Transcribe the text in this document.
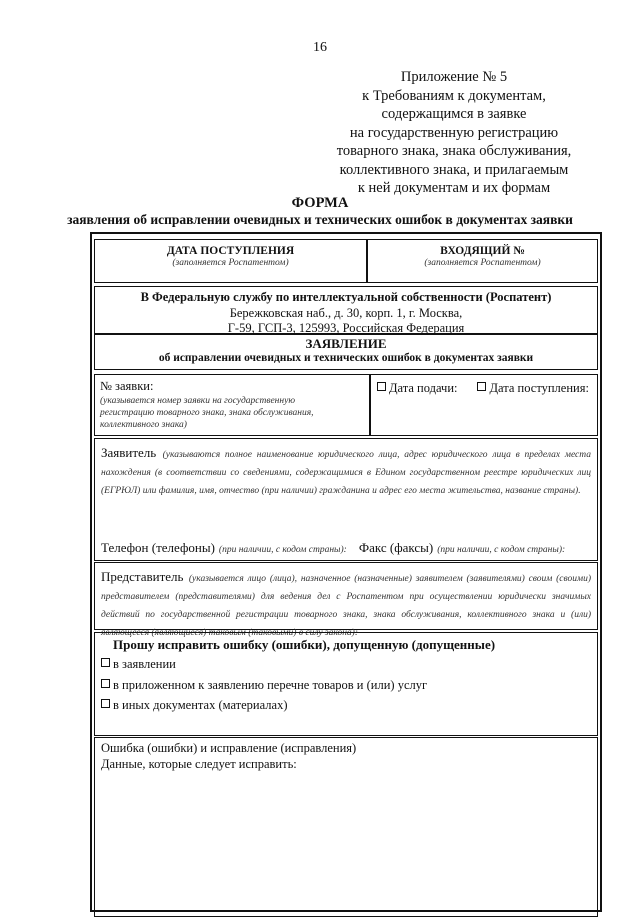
16
Приложение № 5
к Требованиям к документам,
содержащимся в заявке
на государственную регистрацию
товарного знака, знака обслуживания,
коллективного знака, и прилагаемым
к ней документам и их формам
ФОРМА
заявления об исправлении очевидных и технических ошибок в документах заявки
ДАТА ПОСТУПЛЕНИЯ
(заполняется Роспатентом)
ВХОДЯЩИЙ №
(заполняется Роспатентом)
В Федеральную службу по интеллектуальной собственности (Роспатент)
Бережковская наб., д. 30, корп. 1, г. Москва,
Г-59, ГСП-3, 125993, Российская Федерация
ЗАЯВЛЕНИЕ
об исправлении очевидных и технических ошибок в документах заявки
№ заявки:
(указывается номер заявки на государственную регистрацию товарного знака, знака обслуживания, коллективного знака)
Дата подачи:	Дата поступления:
Заявитель (указываются полное наименование юридического лица, адрес юридического лица в пределах места нахождения (в соответствии со сведениями, содержащимися в Едином государственном реестре юридических лиц (ЕГРЮЛ) или фамилия, имя, отчество (при наличии) гражданина и адрес его места жительства, название страны).
Телефон (телефоны) (при наличии, с кодом страны): Факс (факсы) (при наличии, с кодом страны):
Представитель (указывается лицо (лица), назначенное (назначенные) заявителем (заявителями) своим (своими) представителем (представителями) для ведения дел с Роспатентом при осуществлении юридически значимых действий по государственной регистрации товарного знака, знака обслуживания, коллективного знака и (или) являющееся (являющиеся) таковым (таковыми) в силу закона):
Прошу исправить ошибку (ошибки), допущенную (допущенные)
в заявлении
в приложенном к заявлению перечне товаров и (или) услуг
в иных документах (материалах)
Ошибка (ошибки) и исправление (исправления)
Данные, которые следует исправить:
